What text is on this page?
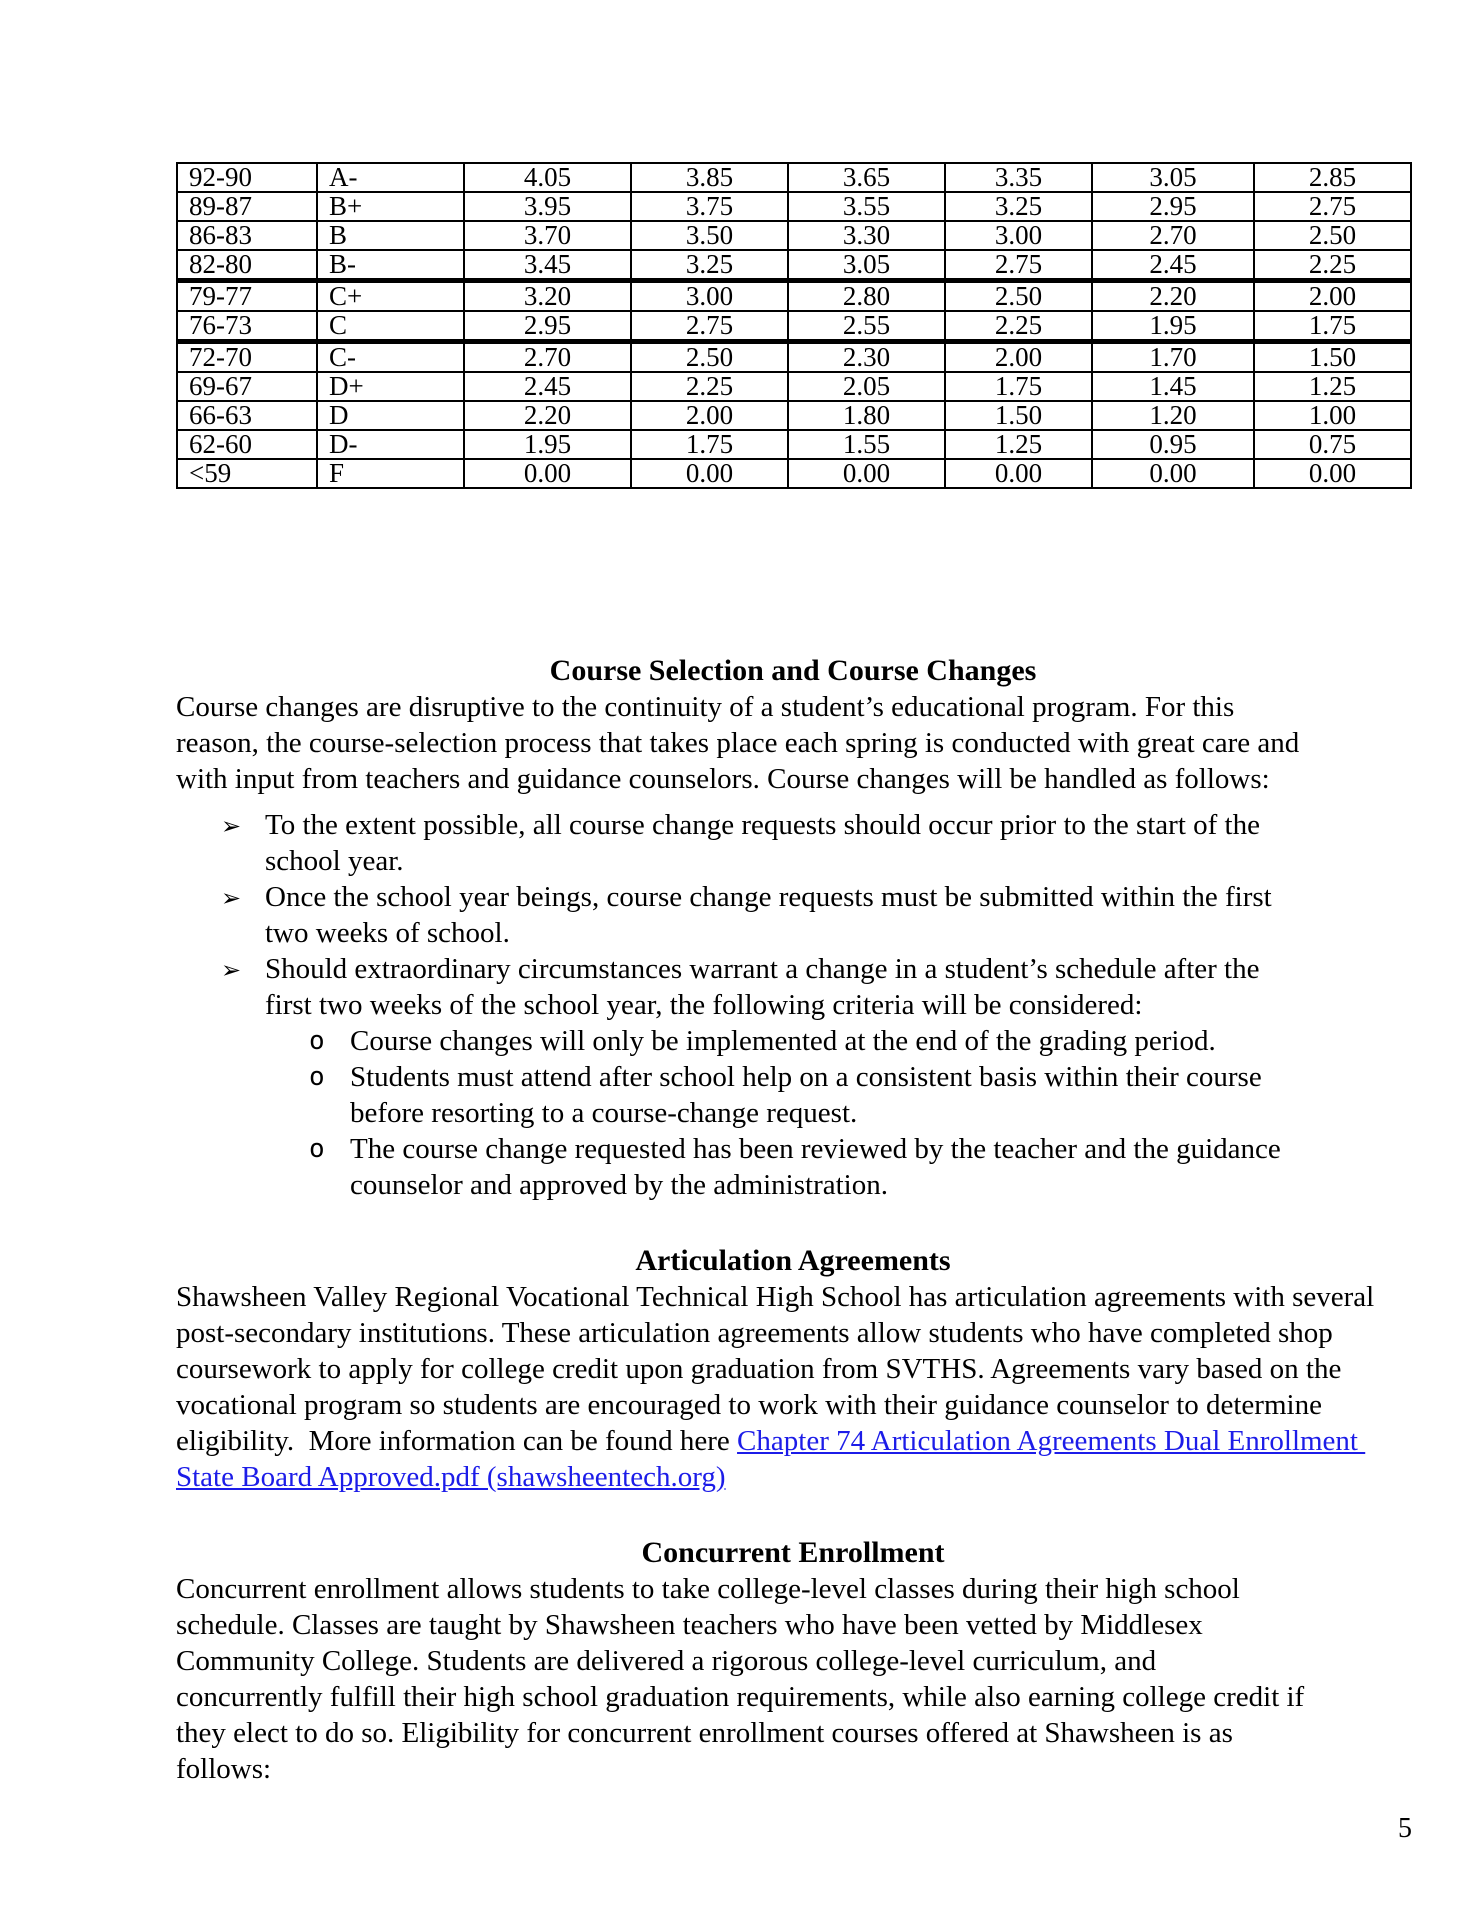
92-90	A-	4.05	3.85	3.65	3.35	3.05	2.85
89-87	B+	3.95	3.75	3.55	3.25	2.95	2.75
86-83	B	3.70	3.50	3.30	3.00	2.70	2.50
82-80	B-	3.45	3.25	3.05	2.75	2.45	2.25
79-77	C+	3.20	3.00	2.80	2.50	2.20	2.00
76-73	C	2.95	2.75	2.55	2.25	1.95	1.75
72-70	C-	2.70	2.50	2.30	2.00	1.70	1.50
69-67	D+	2.45	2.25	2.05	1.75	1.45	1.25
66-63	D	2.20	2.00	1.80	1.50	1.20	1.00
62-60	D-	1.95	1.75	1.55	1.25	0.95	0.75
<59	F	0.00	0.00	0.00	0.00	0.00	0.00
Course Selection and Course Changes
Course changes are disruptive to the continuity of a student’s educational program. For this
reason, the course-selection process that takes place each spring is conducted with great care and
with input from teachers and guidance counselors. Course changes will be handled as follows:
➢ To the extent possible, all course change requests should occur prior to the start of the
school year.
➢ Once the school year beings, course change requests must be submitted within the first
two weeks of school.
➢ Should extraordinary circumstances warrant a change in a student’s schedule after the
first two weeks of the school year, the following criteria will be considered:
o Course changes will only be implemented at the end of the grading period.
o Students must attend after school help on a consistent basis within their course
before resorting to a course-change request.
o The course change requested has been reviewed by the teacher and the guidance
counselor and approved by the administration.
Articulation Agreements
Shawsheen Valley Regional Vocational Technical High School has articulation agreements with several
post-secondary institutions. These articulation agreements allow students who have completed shop
coursework to apply for college credit upon graduation from SVTHS. Agreements vary based on the
vocational program so students are encouraged to work with their guidance counselor to determine
eligibility.  More information can be found here Chapter 74 Articulation Agreements Dual Enrollment
State Board Approved.pdf (shawsheentech.org)
Concurrent Enrollment
Concurrent enrollment allows students to take college-level classes during their high school
schedule. Classes are taught by Shawsheen teachers who have been vetted by Middlesex
Community College. Students are delivered a rigorous college-level curriculum, and
concurrently fulfill their high school graduation requirements, while also earning college credit if
they elect to do so. Eligibility for concurrent enrollment courses offered at Shawsheen is as
follows:
5
